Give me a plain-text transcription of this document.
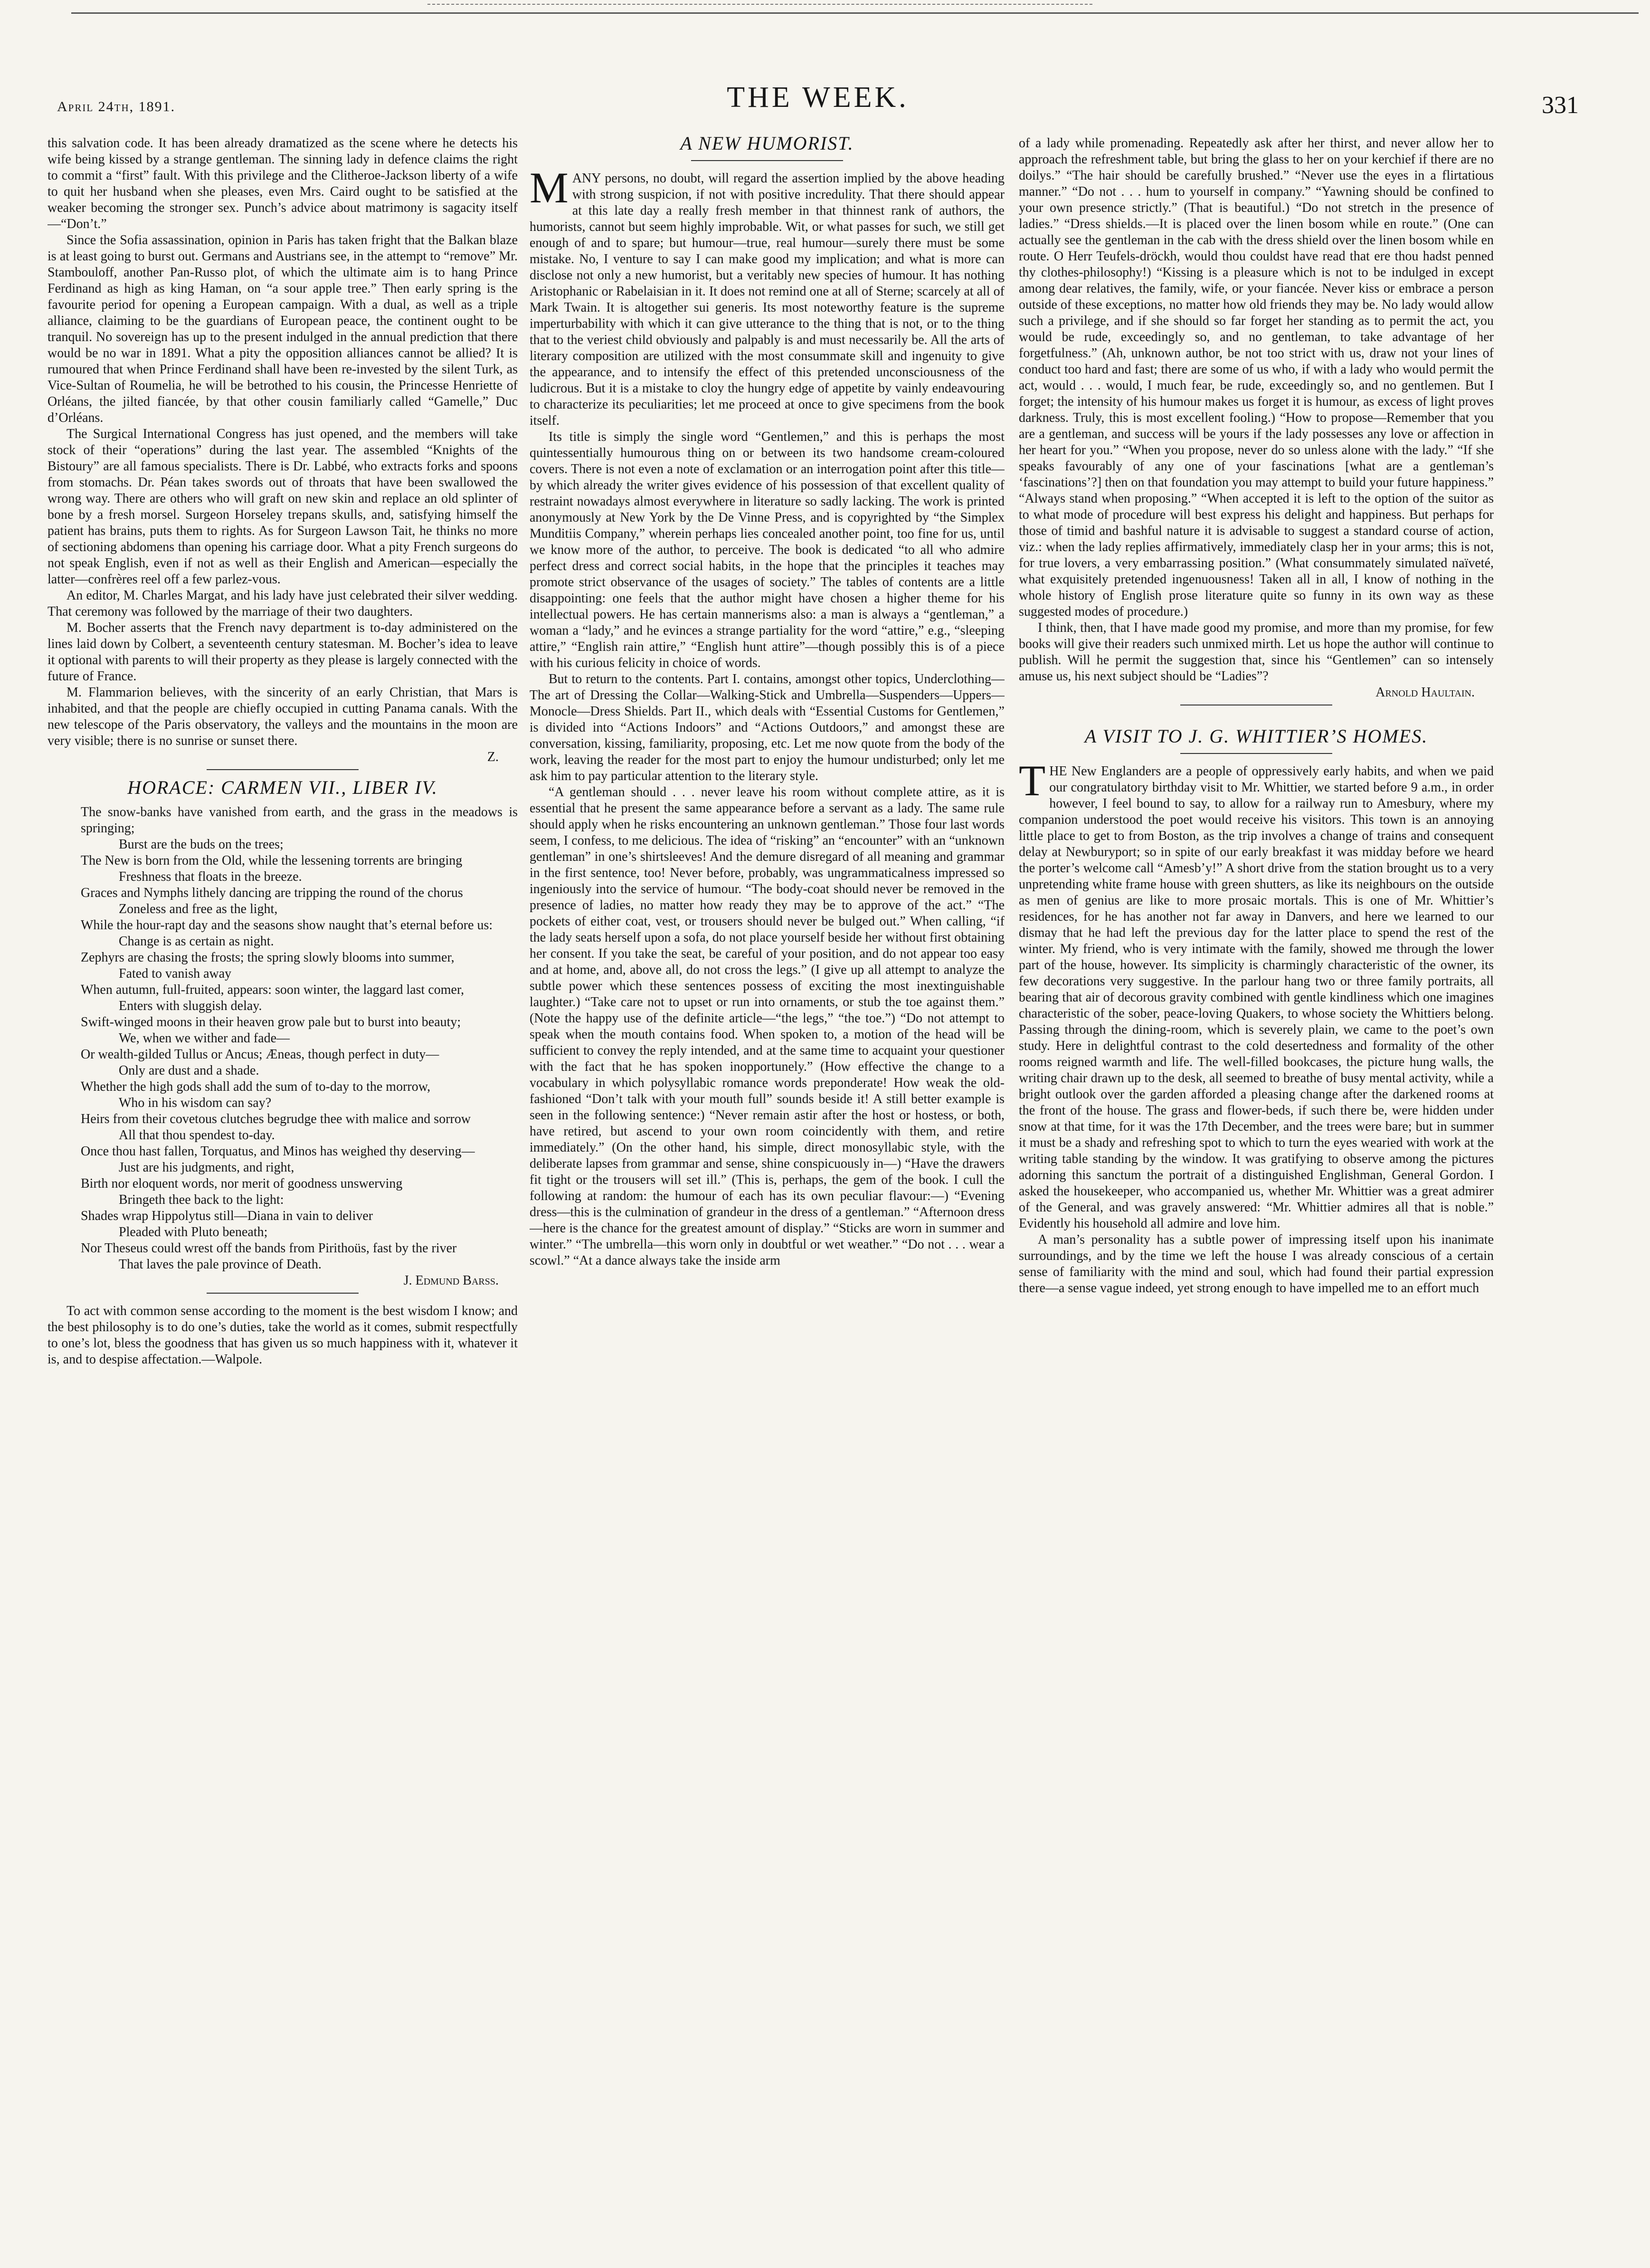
April 24th, 1891.	THE WEEK.	331

this salvation code. It has been already dramatized as the scene where he detects his wife being kissed by a strange gentleman. The sinning lady in defence claims the right to commit a “first” fault. With this privilege and the Clitheroe-Jackson liberty of a wife to quit her husband when she pleases, even Mrs. Caird ought to be satisfied at the weaker becoming the stronger sex. Punch’s advice about matrimony is sagacity itself—“Don’t.”

Since the Sofia assassination, opinion in Paris has taken fright that the Balkan blaze is at least going to burst out. Germans and Austrians see, in the attempt to “remove” Mr. Stambouloff, another Pan-Russo plot, of which the ultimate aim is to hang Prince Ferdinand as high as king Haman, on “a sour apple tree.” Then early spring is the favourite period for opening a European campaign. With a dual, as well as a triple alliance, claiming to be the guardians of European peace, the continent ought to be tranquil. No sovereign has up to the present indulged in the annual prediction that there would be no war in 1891. What a pity the opposition alliances cannot be allied? It is rumoured that when Prince Ferdinand shall have been re-invested by the silent Turk, as Vice-Sultan of Roumelia, he will be betrothed to his cousin, the Princesse Henriette of Orléans, the jilted fiancée, by that other cousin familiarly called “Gamelle,” Duc d’Orléans.

The Surgical International Congress has just opened, and the members will take stock of their “operations” during the last year. The assembled “Knights of the Bistoury” are all famous specialists. There is Dr. Labbé, who extracts forks and spoons from stomachs. Dr. Péan takes swords out of throats that have been swallowed the wrong way. There are others who will graft on new skin and replace an old splinter of bone by a fresh morsel. Surgeon Horseley trepans skulls, and, satisfying himself the patient has brains, puts them to rights. As for Surgeon Lawson Tait, he thinks no more of sectioning abdomens than opening his carriage door. What a pity French surgeons do not speak English, even if not as well as their English and American—especially the latter—confrères reel off a few parlez-vous.

An editor, M. Charles Margat, and his lady have just celebrated their silver wedding. That ceremony was followed by the marriage of their two daughters.

M. Bocher asserts that the French navy department is to-day administered on the lines laid down by Colbert, a seventeenth century statesman. M. Bocher’s idea to leave it optional with parents to will their property as they please is largely connected with the future of France.

M. Flammarion believes, with the sincerity of an early Christian, that Mars is inhabited, and that the people are chiefly occupied in cutting Panama canals. With the new telescope of the Paris observatory, the valleys and the mountains in the moon are very visible; there is no sunrise or sunset there.

Z.
HORACE: CARMEN VII., LIBER IV.

The snow-banks have vanished from earth, and the grass in the meadows is springing;

Burst are the buds on the trees;

The New is born from the Old, while the lessening torrents are bringing

Freshness that floats in the breeze.

Graces and Nymphs lithely dancing are tripping the round of the chorus

Zoneless and free as the light,

While the hour-rapt day and the seasons show naught that’s eternal before us:

Change is as certain as night.

Zephyrs are chasing the frosts; the spring slowly blooms into summer,

Fated to vanish away

When autumn, full-fruited, appears: soon winter, the laggard last comer,

Enters with sluggish delay.

Swift-winged moons in their heaven grow pale but to burst into beauty;

We, when we wither and fade—

Or wealth-gilded Tullus or Ancus; Æneas, though perfect in duty—

Only are dust and a shade.

Whether the high gods shall add the sum of to-day to the morrow,

Who in his wisdom can say?

Heirs from their covetous clutches begrudge thee with malice and sorrow

All that thou spendest to-day.

Once thou hast fallen, Torquatus, and Minos has weighed thy deserving—

Just are his judgments, and right,

Birth nor eloquent words, nor merit of goodness unswerving

Bringeth thee back to the light:

Shades wrap Hippolytus still—Diana in vain to deliver

Pleaded with Pluto beneath;

Nor Theseus could wrest off the bands from Pirithoüs, fast by the river

That laves the pale province of Death.

J. Edmund Barss.

To act with common sense according to the moment is the best wisdom I know; and the best philosophy is to do one’s duties, take the world as it comes, submit respectfully to one’s lot, bless the goodness that has given us so much happiness with it, whatever it is, and to despise affectation.—Walpole.

A NEW HUMORIST.

MANY persons, no doubt, will regard the assertion implied by the above heading with strong suspicion, if not with positive incredulity. That there should appear at this late day a really fresh member in that thinnest rank of authors, the humorists, cannot but seem highly improbable. Wit, or what passes for such, we still get enough of and to spare; but humour—true, real humour—surely there must be some mistake. No, I venture to say I can make good my implication; and what is more can disclose not only a new humorist, but a veritably new species of humour. It has nothing Aristophanic or Rabelaisian in it. It does not remind one at all of Sterne; scarcely at all of Mark Twain. It is altogether sui generis. Its most noteworthy feature is the supreme imperturbability with which it can give utterance to the thing that is not, or to the thing that to the veriest child obviously and palpably is and must necessarily be. All the arts of literary composition are utilized with the most consummate skill and ingenuity to give the appearance, and to intensify the effect of this pretended unconsciousness of the ludicrous. But it is a mistake to cloy the hungry edge of appetite by vainly endeavouring to characterize its peculiarities; let me proceed at once to give specimens from the book itself.

Its title is simply the single word “Gentlemen,” and this is perhaps the most quintessentially humourous thing on or between its two handsome cream-coloured covers. There is not even a note of exclamation or an interrogation point after this title—by which already the writer gives evidence of his possession of that excellent quality of restraint nowadays almost everywhere in literature so sadly lacking. The work is printed anonymously at New York by the De Vinne Press, and is copyrighted by “the Simplex Munditiis Company,” wherein perhaps lies concealed another point, too fine for us, until we know more of the author, to perceive. The book is dedicated “to all who admire perfect dress and correct social habits, in the hope that the principles it teaches may promote strict observance of the usages of society.” The tables of contents are a little disappointing: one feels that the author might have chosen a higher theme for his intellectual powers. He has certain mannerisms also: a man is always a “gentleman,” a woman a “lady,” and he evinces a strange partiality for the word “attire,” e.g., “sleeping attire,” “English rain attire,” “English hunt attire”—though possibly this is of a piece with his curious felicity in choice of words.

But to return to the contents. Part I. contains, amongst other topics, Underclothing—The art of Dressing the Collar—Walking-Stick and Umbrella—Suspenders—Uppers—Monocle—Dress Shields. Part II., which deals with “Essential Customs for Gentlemen,” is divided into “Actions Indoors” and “Actions Outdoors,” and amongst these are conversation, kissing, familiarity, proposing, etc. Let me now quote from the body of the work, leaving the reader for the most part to enjoy the humour undisturbed; only let me ask him to pay particular attention to the literary style.

“A gentleman should . . . never leave his room without complete attire, as it is essential that he present the same appearance before a servant as a lady. The same rule should apply when he risks encountering an unknown gentleman.” Those four last words seem, I confess, to me delicious. The idea of “risking” an “encounter” with an “unknown gentleman” in one’s shirtsleeves! And the demure disregard of all meaning and grammar in the first sentence, too! Never before, probably, was ungrammaticalness impressed so ingeniously into the service of humour. “The body-coat should never be removed in the presence of ladies, no matter how ready they may be to approve of the act.” “The pockets of either coat, vest, or trousers should never be bulged out.” When calling, “if the lady seats herself upon a sofa, do not place yourself beside her without first obtaining her consent. If you take the seat, be careful of your position, and do not appear too easy and at home, and, above all, do not cross the legs.” (I give up all attempt to analyze the subtle power which these sentences possess of exciting the most inextinguishable laughter.) “Take care not to upset or run into ornaments, or stub the toe against them.” (Note the happy use of the definite article—“the legs,” “the toe.”) “Do not attempt to speak when the mouth contains food. When spoken to, a motion of the head will be sufficient to convey the reply intended, and at the same time to acquaint your questioner with the fact that he has spoken inopportunely.” (How effective the change to a vocabulary in which polysyllabic romance words preponderate! How weak the old-fashioned “Don’t talk with your mouth full” sounds beside it! A still better example is seen in the following sentence:) “Never remain astir after the host or hostess, or both, have retired, but ascend to your own room coincidently with them, and retire immediately.” (On the other hand, his simple, direct monosyllabic style, with the deliberate lapses from grammar and sense, shine conspicuously in—) “Have the drawers fit tight or the trousers will set ill.” (This is, perhaps, the gem of the book. I cull the following at random: the humour of each has its own peculiar flavour:—) “Evening dress—this is the culmination of grandeur in the dress of a gentleman.” “Afternoon dress—here is the chance for the greatest amount of display.” “Sticks are worn in summer and winter.” “The umbrella—this worn only in doubtful or wet weather.” “Do not . . . wear a scowl.” “At a dance always take the inside arm

of a lady while promenading. Repeatedly ask after her thirst, and never allow her to approach the refreshment table, but bring the glass to her on your kerchief if there are no doilys.” “The hair should be carefully brushed.” “Never use the eyes in a flirtatious manner.” “Do not . . . hum to yourself in company.” “Yawning should be confined to your own presence strictly.” (That is beautiful.) “Do not stretch in the presence of ladies.” “Dress shields.—It is placed over the linen bosom while en route.” (One can actually see the gentleman in the cab with the dress shield over the linen bosom while en route. O Herr Teufels-dröckh, would thou couldst have read that ere thou hadst penned thy clothes-philosophy!) “Kissing is a pleasure which is not to be indulged in except among dear relatives, the family, wife, or your fiancée. Never kiss or embrace a person outside of these exceptions, no matter how old friends they may be. No lady would allow such a privilege, and if she should so far forget her standing as to permit the act, you would be rude, exceedingly so, and no gentleman, to take advantage of her forgetfulness.” (Ah, unknown author, be not too strict with us, draw not your lines of conduct too hard and fast; there are some of us who, if with a lady who would permit the act, would . . . would, I much fear, be rude, exceedingly so, and no gentlemen. But I forget; the intensity of his humour makes us forget it is humour, as excess of light proves darkness. Truly, this is most excellent fooling.) “How to propose—Remember that you are a gentleman, and success will be yours if the lady possesses any love or affection in her heart for you.” “When you propose, never do so unless alone with the lady.” “If she speaks favourably of any one of your fascinations [what are a gentleman’s ‘fascinations’?] then on that foundation you may attempt to build your future happiness.” “Always stand when proposing.” “When accepted it is left to the option of the suitor as to what mode of procedure will best express his delight and happiness. But perhaps for those of timid and bashful nature it is advisable to suggest a standard course of action, viz.: when the lady replies affirmatively, immediately clasp her in your arms; this is not, for true lovers, a very embarrassing position.” (What consummately simulated naïveté, what exquisitely pretended ingenuousness! Taken all in all, I know of nothing in the whole history of English prose literature quite so funny in its own way as these suggested modes of procedure.)

I think, then, that I have made good my promise, and more than my promise, for few books will give their readers such unmixed mirth. Let us hope the author will continue to publish. Will he permit the suggestion that, since his “Gentlemen” can so intensely amuse us, his next subject should be “Ladies”?

Arnold Haultain.
A VISIT TO J. G. WHITTIER’S HOMES.

THE New Englanders are a people of oppressively early habits, and when we paid our congratulatory birthday visit to Mr. Whittier, we started before 9 a.m., in order however, I feel bound to say, to allow for a railway run to Amesbury, where my companion understood the poet would receive his visitors. This town is an annoying little place to get to from Boston, as the trip involves a change of trains and consequent delay at Newburyport; so in spite of our early breakfast it was midday before we heard the porter’s welcome call “Amesb’y!” A short drive from the station brought us to a very unpretending white frame house with green shutters, as like its neighbours on the outside as men of genius are like to more prosaic mortals. This is one of Mr. Whittier’s residences, for he has another not far away in Danvers, and here we learned to our dismay that he had left the previous day for the latter place to spend the rest of the winter. My friend, who is very intimate with the family, showed me through the lower part of the house, however. Its simplicity is charmingly characteristic of the owner, its few decorations very suggestive. In the parlour hang two or three family portraits, all bearing that air of decorous gravity combined with gentle kindliness which one imagines characteristic of the sober, peace-loving Quakers, to whose society the Whittiers belong. Passing through the dining-room, which is severely plain, we came to the poet’s own study. Here in delightful contrast to the cold desertedness and formality of the other rooms reigned warmth and life. The well-filled bookcases, the picture hung walls, the writing chair drawn up to the desk, all seemed to breathe of busy mental activity, while a bright outlook over the garden afforded a pleasing change after the darkened rooms at the front of the house. The grass and flower-beds, if such there be, were hidden under snow at that time, for it was the 17th December, and the trees were bare; but in summer it must be a shady and refreshing spot to which to turn the eyes wearied with work at the writing table standing by the window. It was gratifying to observe among the pictures adorning this sanctum the portrait of a distinguished Englishman, General Gordon. I asked the housekeeper, who accompanied us, whether Mr. Whittier was a great admirer of the General, and was gravely answered: “Mr. Whittier admires all that is noble.” Evidently his household all admire and love him.

A man’s personality has a subtle power of impressing itself upon his inanimate surroundings, and by the time we left the house I was already conscious of a certain sense of familiarity with the mind and soul, which had found their partial expression there—a sense vague indeed, yet strong enough to have impelled me to an effort much
